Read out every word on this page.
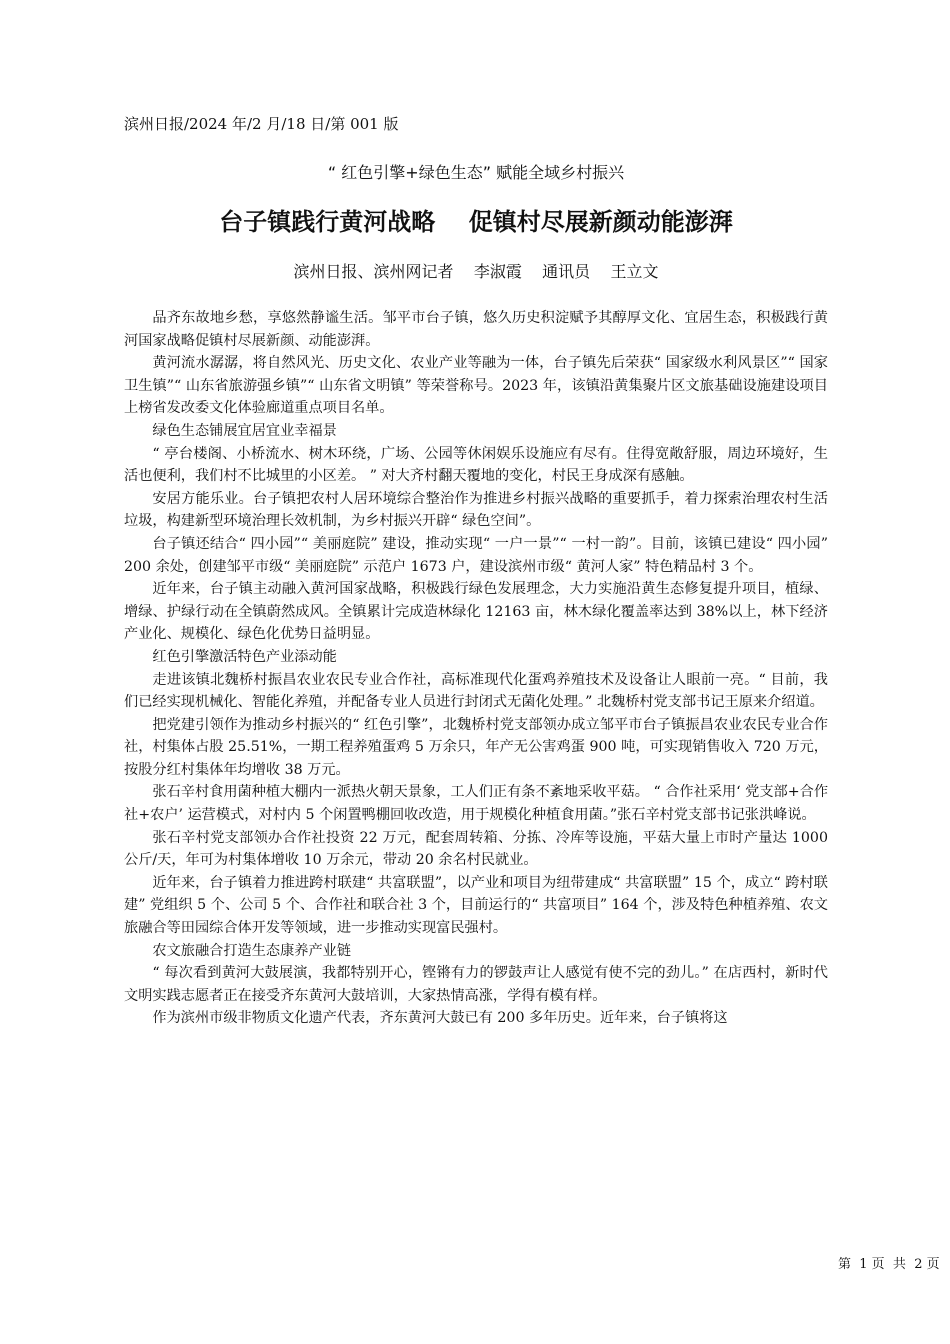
滨州日报/2024 年/2 月/18 日/第 001 版

“ 红色引擎+绿色生态” 赋能全域乡村振兴

台子镇践行黄河战略    促镇村尽展新颜动能澎湃

滨州日报、滨州网记者    李淑霞    通讯员    王立文

品齐东故地乡愁，享悠然静谧生活。邹平市台子镇，悠久历史积淀赋予其醇厚文化、宜居生态，积极践行黄河国家战略促镇村尽展新颜、动能澎湃。

黄河流水潺潺，将自然风光、历史文化、农业产业等融为一体，台子镇先后荣获“ 国家级水利风景区”“ 国家卫生镇”“ 山东省旅游强乡镇”“ 山东省文明镇” 等荣誉称号。2023 年，该镇沿黄集聚片区文旅基础设施建设项目上榜省发改委文化体验廊道重点项目名单。

绿色生态铺展宜居宜业幸福景

“ 亭台楼阁、小桥流水、树木环绕，广场、公园等休闲娱乐设施应有尽有。住得宽敞舒服，周边环境好，生活也便利，我们村不比城里的小区差。 ” 对大齐村翻天覆地的变化，村民王身成深有感触。

安居方能乐业。台子镇把农村人居环境综合整治作为推进乡村振兴战略的重要抓手，着力探索治理农村生活垃圾，构建新型环境治理长效机制，为乡村振兴开辟“ 绿色空间”。

台子镇还结合“ 四小园”“ 美丽庭院” 建设，推动实现“ 一户一景”“ 一村一韵”。目前，该镇已建设“ 四小园” 200 余处，创建邹平市级“ 美丽庭院” 示范户 1673 户，建设滨州市级“ 黄河人家” 特色精品村 3 个。

近年来，台子镇主动融入黄河国家战略，积极践行绿色发展理念，大力实施沿黄生态修复提升项目，植绿、增绿、护绿行动在全镇蔚然成风。全镇累计完成造林绿化 12163 亩，林木绿化覆盖率达到 38%以上，林下经济产业化、规模化、绿色化优势日益明显。

红色引擎激活特色产业添动能

走进该镇北魏桥村振昌农业农民专业合作社，高标准现代化蛋鸡养殖技术及设备让人眼前一亮。“ 目前，我们已经实现机械化、智能化养殖，并配备专业人员进行封闭式无菌化处理。” 北魏桥村党支部书记王原来介绍道。

把党建引领作为推动乡村振兴的“ 红色引擎”，北魏桥村党支部领办成立邹平市台子镇振昌农业农民专业合作社，村集体占股 25.51%，一期工程养殖蛋鸡 5 万余只，年产无公害鸡蛋 900 吨，可实现销售收入 720 万元，按股分红村集体年均增收 38 万元。

张石辛村食用菌种植大棚内一派热火朝天景象，工人们正有条不紊地采收平菇。 “ 合作社采用‘ 党支部+合作社+农户’ 运营模式，对村内 5 个闲置鸭棚回收改造，用于规模化种植食用菌。”张石辛村党支部书记张洪峰说。

张石辛村党支部领办合作社投资 22 万元，配套周转箱、分拣、冷库等设施，平菇大量上市时产量达 1000 公斤/天，年可为村集体增收 10 万余元，带动 20 余名村民就业。

近年来，台子镇着力推进跨村联建“ 共富联盟”，以产业和项目为纽带建成“ 共富联盟” 15 个，成立“ 跨村联建” 党组织 5 个、公司 5 个、合作社和联合社 3 个，目前运行的“ 共富项目” 164 个，涉及特色种植养殖、农文旅融合等田园综合体开发等领域，进一步推动实现富民强村。

农文旅融合打造生态康养产业链

“ 每次看到黄河大鼓展演，我都特别开心，铿锵有力的锣鼓声让人感觉有使不完的劲儿。” 在店西村，新时代文明实践志愿者正在接受齐东黄河大鼓培训，大家热情高涨，学得有模有样。

作为滨州市级非物质文化遗产代表，齐东黄河大鼓已有 200 多年历史。近年来，台子镇将这

第  1 页  共  2 页
